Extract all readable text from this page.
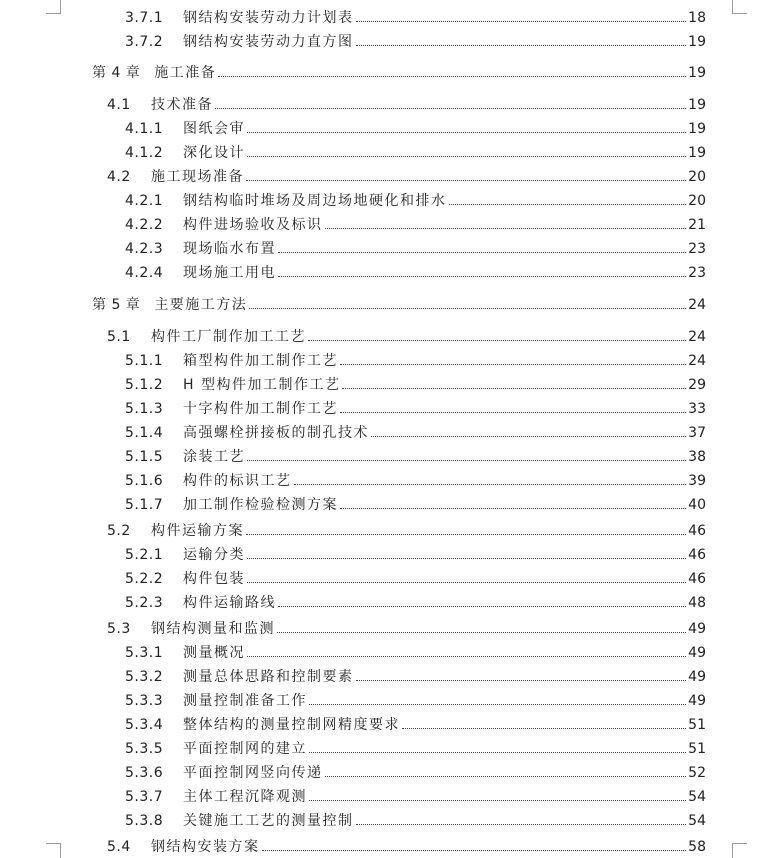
3.7.1	钢结构安装劳动力计划表	18
3.7.2	钢结构安装劳动力直方图	19
第 4 章 施工准备	19
4.1	技术准备	19
4.1.1	图纸会审	19
4.1.2	深化设计	19
4.2	施工现场准备	20
4.2.1	钢结构临时堆场及周边场地硬化和排水	20
4.2.2	构件进场验收及标识	21
4.2.3	现场临水布置	23
4.2.4	现场施工用电	23
第 5 章 主要施工方法	24
5.1	构件工厂制作加工工艺	24
5.1.1	箱型构件加工制作工艺	24
5.1.2	H 型构件加工制作工艺	29
5.1.3	十字构件加工制作工艺	33
5.1.4	高强螺栓拼接板的制孔技术	37
5.1.5	涂装工艺	38
5.1.6	构件的标识工艺	39
5.1.7	加工制作检验检测方案	40
5.2	构件运输方案	46
5.2.1	运输分类	46
5.2.2	构件包装	46
5.2.3	构件运输路线	48
5.3	钢结构测量和监测	49
5.3.1	测量概况	49
5.3.2	测量总体思路和控制要素	49
5.3.3	测量控制准备工作	49
5.3.4	整体结构的测量控制网精度要求	51
5.3.5	平面控制网的建立	51
5.3.6	平面控制网竖向传递	52
5.3.7	主体工程沉降观测	54
5.3.8	关键施工工艺的测量控制	54
5.4	钢结构安装方案	58
